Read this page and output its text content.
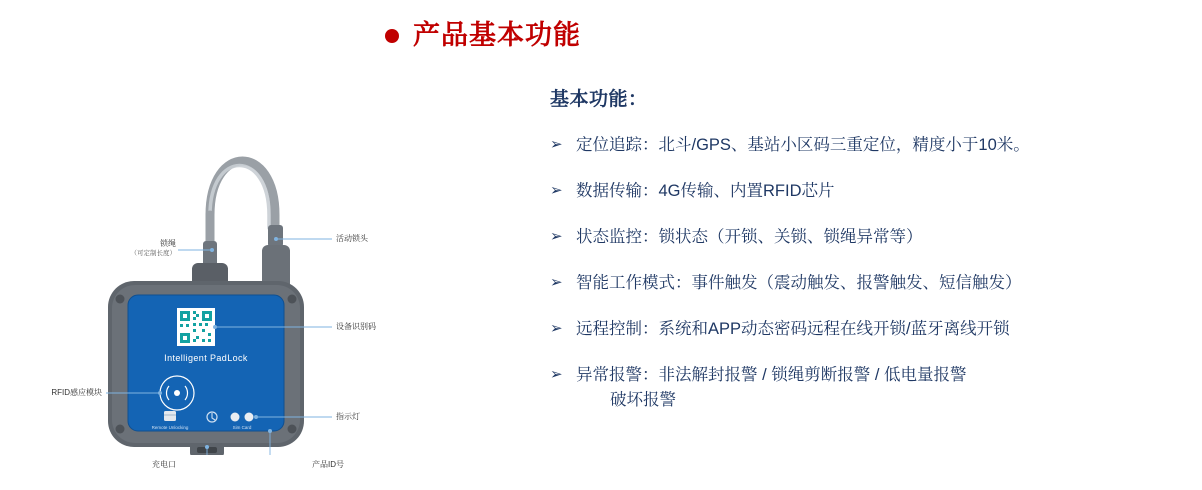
产品基本功能
Intelligent PadLock
Remote Unlocking	Sim Card
锁绳
（可定制长度）
活动锁头
设备识别码
指示灯
RFID感应模块
充电口	产品ID号
基本功能：
➢ 定位追踪：北斗/GPS、基站小区码三重定位，精度小于10米。
➢ 数据传输：4G传输、内置RFID芯片
➢ 状态监控：锁状态（开锁、关锁、锁绳异常等）
➢ 智能工作模式：事件触发（震动触发、报警触发、短信触发）
➢ 远程控制：系统和APP动态密码远程在线开锁/蓝牙离线开锁
➢ 异常报警：非法解封报警 / 锁绳剪断报警 / 低电量报警
破坏报警
